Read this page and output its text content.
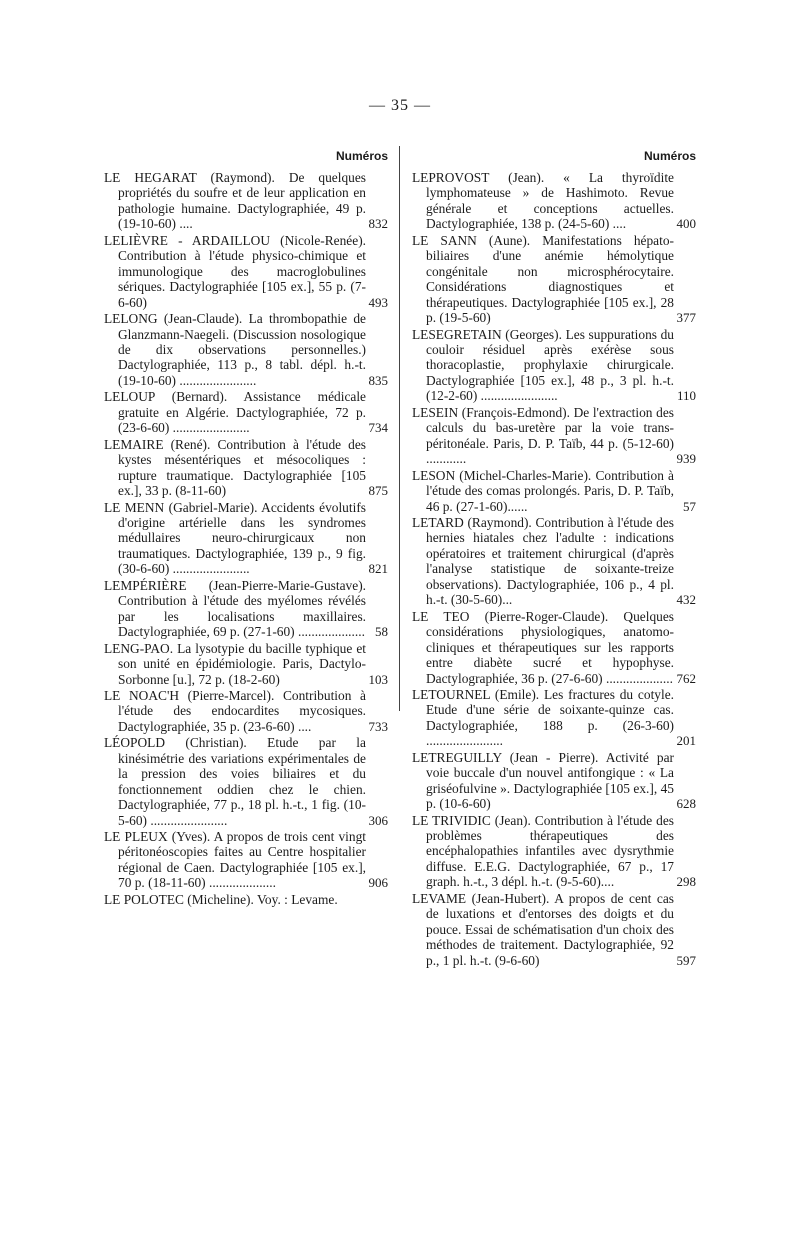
— 35 —
Numéros
LE HEGARAT (Raymond). De quelques propriétés du soufre et de leur application en pathologie humaine. Dactylographiée, 49 p. (19-10-60) ....	832
LELIÈVRE - ARDAILLOU (Nicole-Renée). Contribution à l'étude physico-chimique et immunologique des macroglobulines sériques. Dactylographiée [105 ex.], 55 p. (7-6-60)	493
LELONG (Jean-Claude). La thrombopathie de Glanzmann-Naegeli. (Discussion nosologique de dix observations personnelles.) Dactylographiée, 113 p., 8 tabl. dépl. h.-t. (19-10-60) .......................	835
LELOUP (Bernard). Assistance médicale gratuite en Algérie. Dactylographiée, 72 p. (23-6-60) .......................	734
LEMAIRE (René). Contribution à l'étude des kystes mésentériques et mésocoliques : rupture traumatique. Dactylographiée [105 ex.], 33 p. (8-11-60)	875
LE MENN (Gabriel-Marie). Accidents évolutifs d'origine artérielle dans les syndromes médullaires neuro-chirurgicaux non traumatiques. Dactylographiée, 139 p., 9 fig. (30-6-60) .......................	821
LEMPÉRIÈRE (Jean-Pierre-Marie-Gustave). Contribution à l'étude des myélomes révélés par les localisations maxillaires. Dactylographiée, 69 p. (27-1-60) .................... 58
LENG-PAO. La lysotypie du bacille typhique et son unité en épidémiologie. Paris, Dactylo-Sorbonne [u.], 72 p. (18-2-60)	103
LE NOAC'H (Pierre-Marcel). Contribution à l'étude des endocardites mycosiques. Dactylographiée, 35 p. (23-6-60) ....	733
LÉOPOLD (Christian). Etude par la kinésimétrie des variations expérimentales de la pression des voies biliaires et du fonctionnement oddien chez le chien. Dactylographiée, 77 p., 18 pl. h.-t., 1 fig. (10-5-60) .......................	306
LE PLEUX (Yves). A propos de trois cent vingt péritonéoscopies faites au Centre hospitalier régional de Caen. Dactylographiée [105 ex.], 70 p. (18-11-60) ....................	906
LE POLOTEC (Micheline). Voy. : Levame.
Numéros
LEPROVOST (Jean). « La thyroïdite lymphomateuse » de Hashimoto. Revue générale et conceptions actuelles. Dactylographiée, 138 p. (24-5-60) ....	400
LE SANN (Aune). Manifestations hépato-biliaires d'une anémie hémolytique congénitale non microsphérocytaire. Considérations diagnostiques et thérapeutiques. Dactylographiée [105 ex.], 28 p. (19-5-60)	377
LESEGRETAIN (Georges). Les suppurations du couloir résiduel après exérèse sous thoracoplastie, prophylaxie chirurgicale. Dactylographiée [105 ex.], 48 p., 3 pl. h.-t. (12-2-60) .......................	110
LESEIN (François-Edmond). De l'extraction des calculs du bas-uretère par la voie trans-péritonéale. Paris, D. P. Taïb, 44 p. (5-12-60) ............	939
LESON (Michel-Charles-Marie). Contribution à l'étude des comas prolongés. Paris, D. P. Taïb, 46 p. (27-1-60)......	57
LETARD (Raymond). Contribution à l'étude des hernies hiatales chez l'adulte : indications opératoires et traitement chirurgical (d'après l'analyse statistique de soixante-treize observations). Dactylographiée, 106 p., 4 pl. h.-t. (30-5-60)...	432
LE TEO (Pierre-Roger-Claude). Quelques considérations physiologiques, anatomo-cliniques et thérapeutiques sur les rapports entre diabète sucré et hypophyse. Dactylographiée, 36 p. (27-6-60) .................... 762
LETOURNEL (Emile). Les fractures du cotyle. Etude d'une série de soixante-quinze cas. Dactylographiée, 188 p. (26-3-60) .......................	201
LETREGUILLY (Jean - Pierre). Activité par voie buccale d'un nouvel antifongique : « La griséofulvine ». Dactylographiée [105 ex.], 45 p. (10-6-60)	628
LE TRIVIDIC (Jean). Contribution à l'étude des problèmes thérapeutiques des encéphalopathies infantiles avec dysrythmie diffuse. E.E.G. Dactylographiée, 67 p., 17 graph. h.-t., 3 dépl. h.-t. (9-5-60)....	298
LEVAME (Jean-Hubert). A propos de cent cas de luxations et d'entorses des doigts et du pouce. Essai de schématisation d'un choix des méthodes de traitement. Dactylographiée, 92 p., 1 pl. h.-t. (9-6-60)	597
